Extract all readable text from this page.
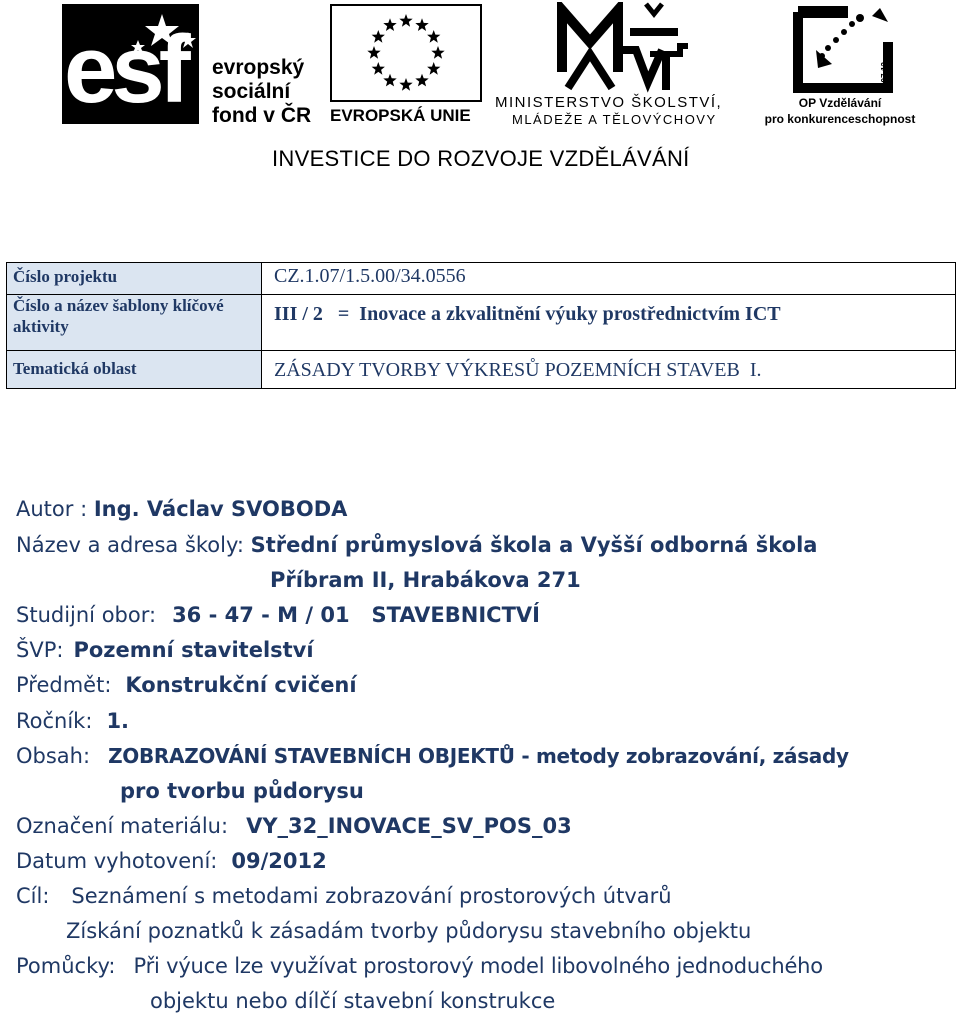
esf evropský
sociální
fond v ČR EVROPSKÁ UNIE
MINISTERSTVO ŠKOLSTVÍ,
MLÁDEŽE A TĚLOVÝCHOVY
2007-13
OP Vzdělávání
pro konkurenceschopnost
INVESTICE DO ROZVOJE VZDĚLÁVÁNÍ
Číslo projektu	CZ.1.07/1.5.00/34.0556
Číslo a název šablony klíčové aktivity	III / 2   =  Inovace a zkvalitnění výuky prostřednictvím ICT
Tematická oblast	ZÁSADY TVORBY VÝKRESŮ POZEMNÍCH STAVEB  I.
Autor : Ing. Václav SVOBODA
Název a adresa školy: Střední průmyslová škola a Vyšší odborná škola
Příbram II, Hrabákova 271
Studijní obor: 36 - 47 - M / 01   STAVEBNICTVÍ
ŠVP: Pozemní stavitelství
Předmět: Konstrukční cvičení
Ročník: 1.
Obsah: ZOBRAZOVÁNÍ STAVEBNÍCH OBJEKTŮ - metody zobrazování, zásady
pro tvorbu půdorysu
Označení materiálu: VY_32_INOVACE_SV_POS_03
Datum vyhotovení: 09/2012
Cíl: Seznámení s metodami zobrazování prostorových útvarů
Získání poznatků k zásadám tvorby půdorysu stavebního objektu
Pomůcky: Při výuce lze využívat prostorový model libovolného jednoduchého
objektu nebo dílčí stavební konstrukce
